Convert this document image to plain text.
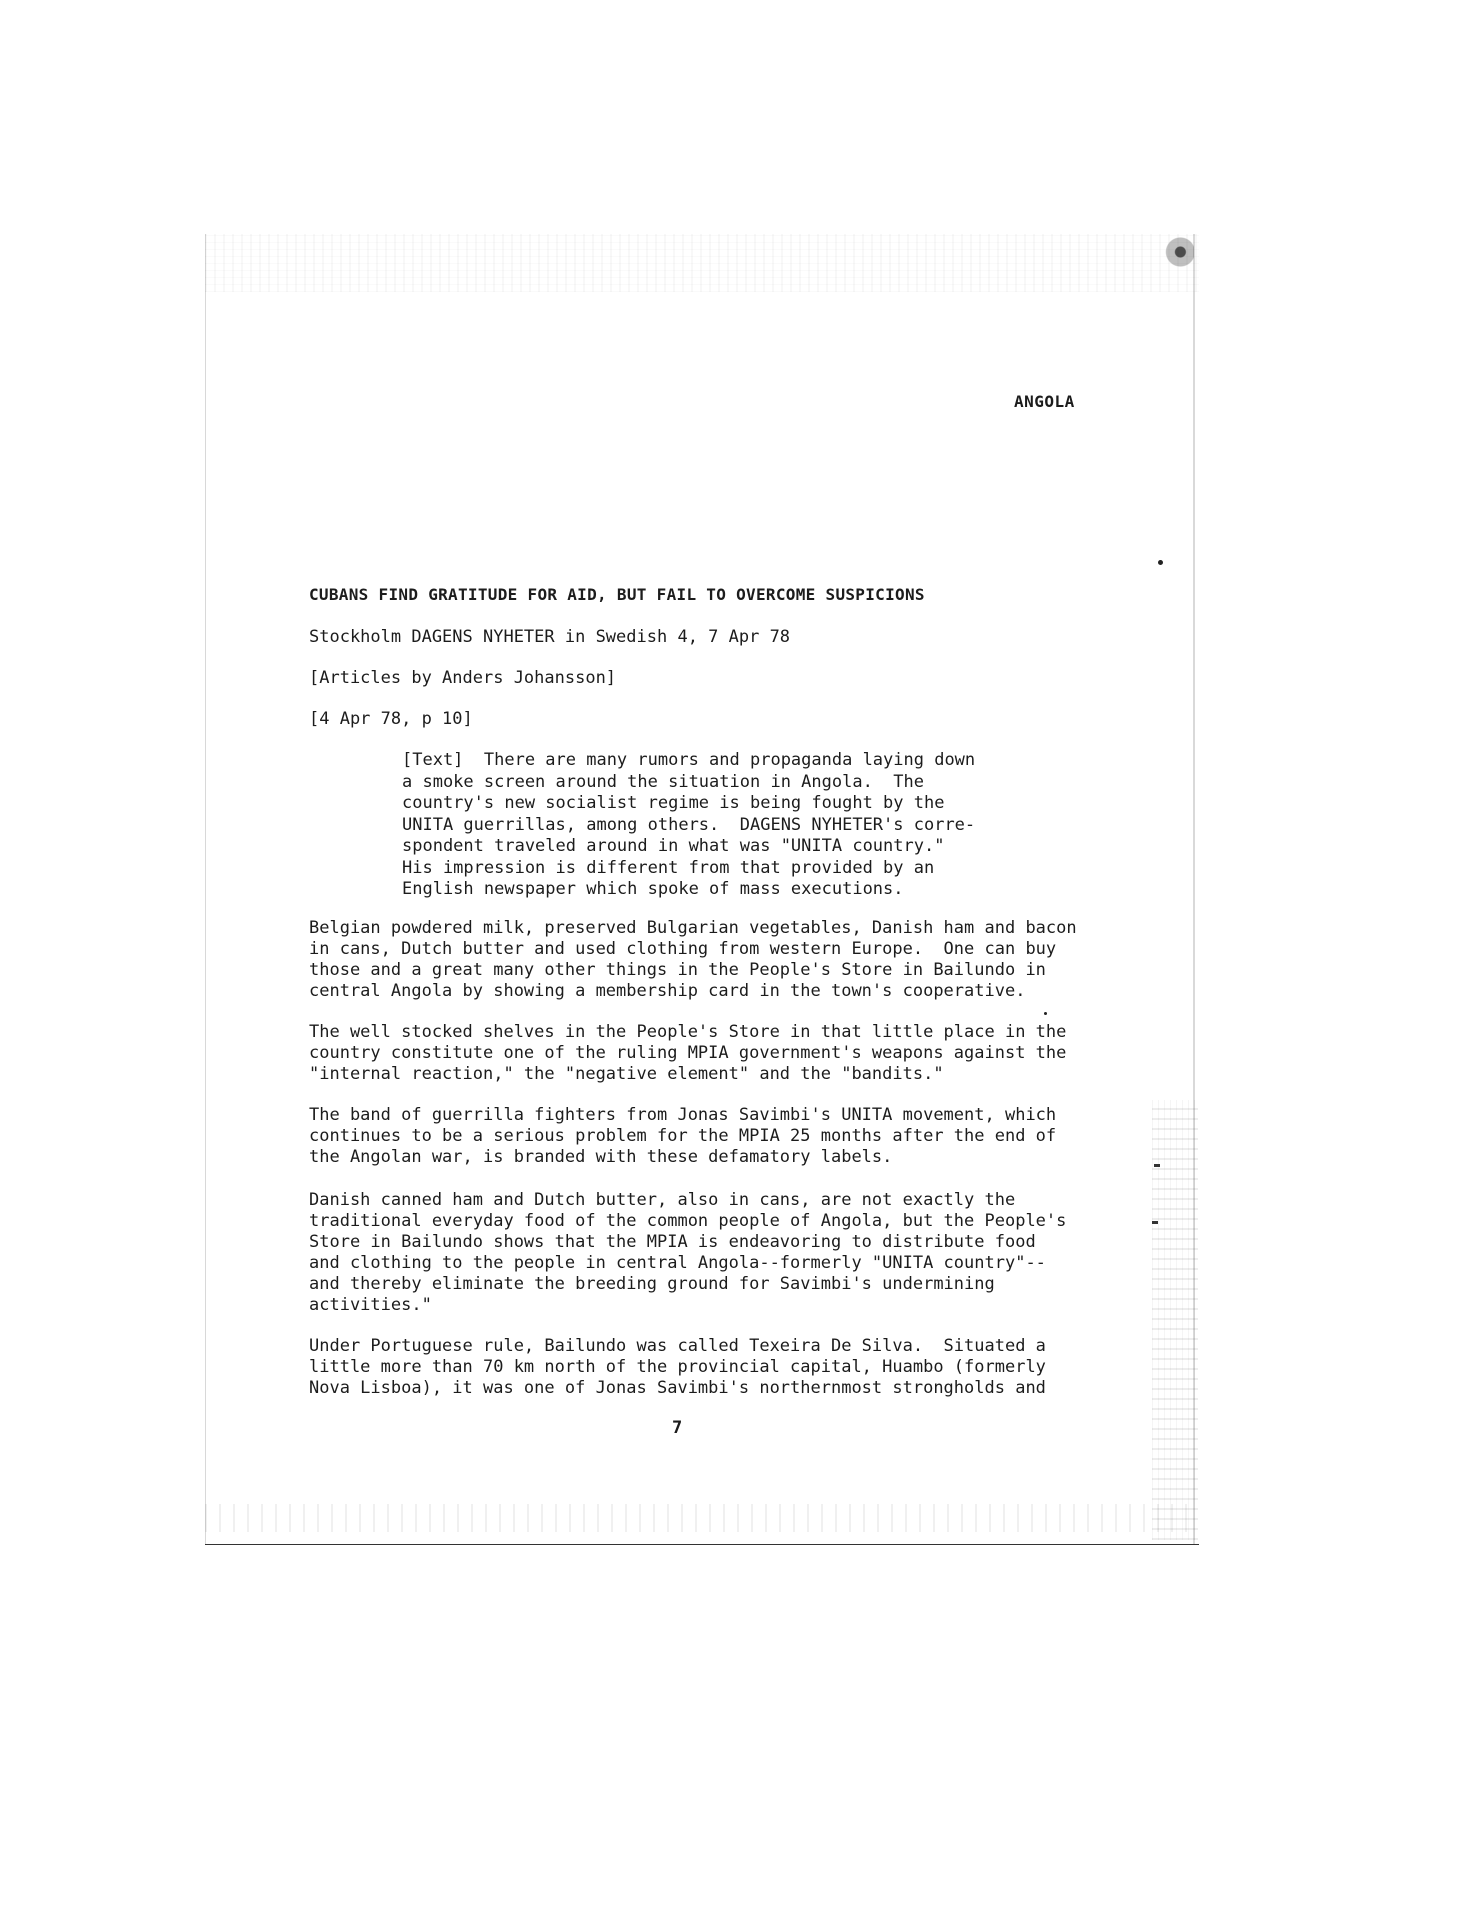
ANGOLA
CUBANS FIND GRATITUDE FOR AID, BUT FAIL TO OVERCOME SUSPICIONS
Stockholm DAGENS NYHETER in Swedish 4, 7 Apr 78
[Articles by Anders Johansson]
[4 Apr 78, p 10]
[Text]  There are many rumors and propaganda laying down
a smoke screen around the situation in Angola.  The
country's new socialist regime is being fought by the
UNITA guerrillas, among others.  DAGENS NYHETER's corre-
spondent traveled around in what was "UNITA country."
His impression is different from that provided by an
English newspaper which spoke of mass executions.
Belgian powdered milk, preserved Bulgarian vegetables, Danish ham and bacon
in cans, Dutch butter and used clothing from western Europe.  One can buy
those and a great many other things in the People's Store in Bailundo in
central Angola by showing a membership card in the town's cooperative.
The well stocked shelves in the People's Store in that little place in the
country constitute one of the ruling MPIA government's weapons against the
"internal reaction," the "negative element" and the "bandits."
The band of guerrilla fighters from Jonas Savimbi's UNITA movement, which
continues to be a serious problem for the MPIA 25 months after the end of
the Angolan war, is branded with these defamatory labels.
Danish canned ham and Dutch butter, also in cans, are not exactly the
traditional everyday food of the common people of Angola, but the People's
Store in Bailundo shows that the MPIA is endeavoring to distribute food
and clothing to the people in central Angola--formerly "UNITA country"--
and thereby eliminate the breeding ground for Savimbi's undermining
activities."
Under Portuguese rule, Bailundo was called Texeira De Silva.  Situated a
little more than 70 km north of the provincial capital, Huambo (formerly
Nova Lisboa), it was one of Jonas Savimbi's northernmost strongholds and
7
